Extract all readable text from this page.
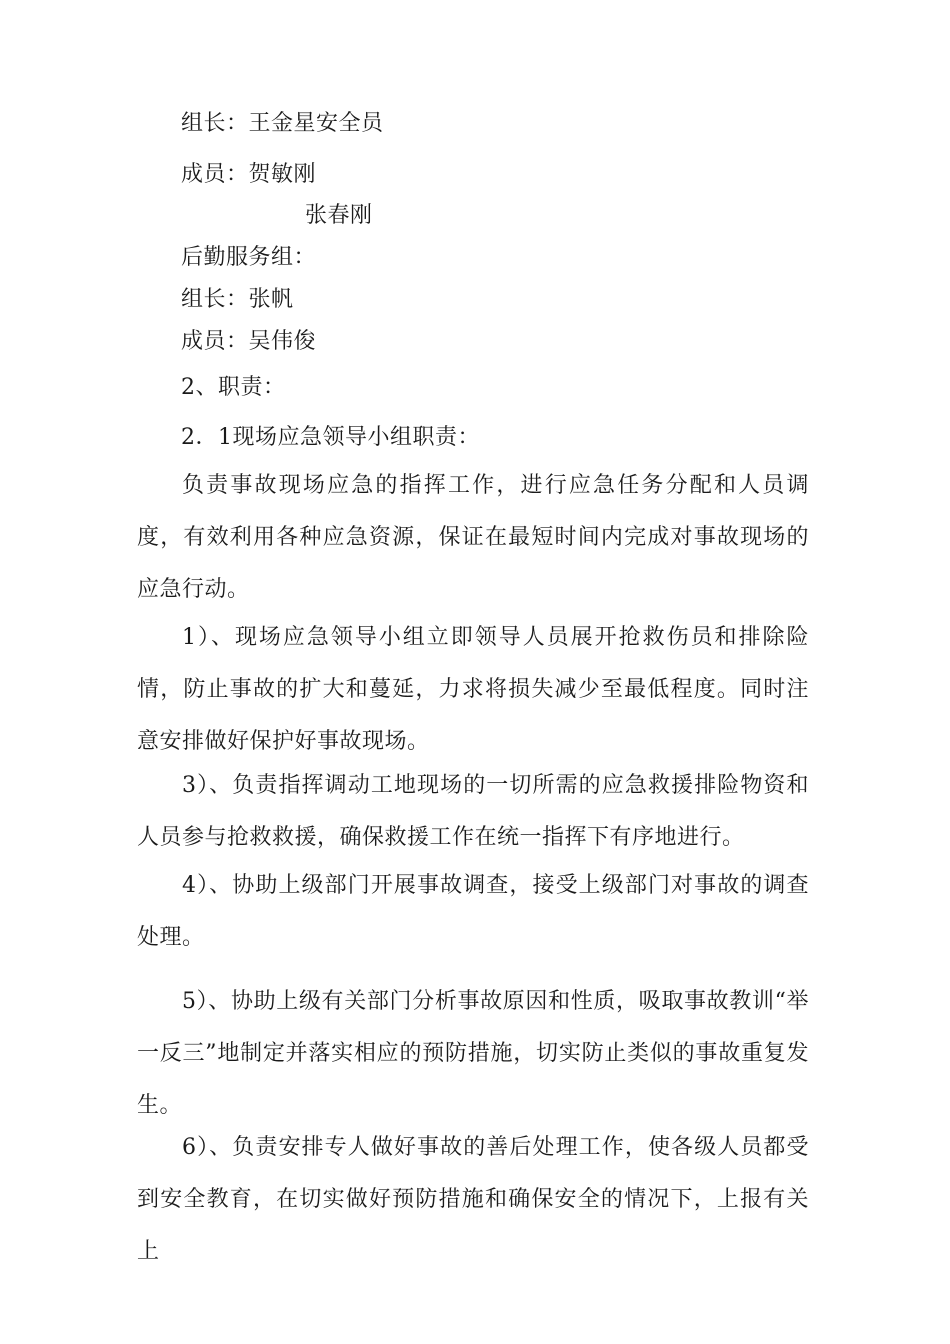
组长：王金星安全员
成员：贺敏刚
张春刚
后勤服务组：
组长：张帆
成员：吴伟俊
2、职责：
2．1现场应急领导小组职责：
负责事故现场应急的指挥工作，进行应急任务分配和人员调度，有效利用各种应急资源，保证在最短时间内完成对事故现场的应急行动。
1）、现场应急领导小组立即领导人员展开抢救伤员和排除险情，防止事故的扩大和蔓延，力求将损失减少至最低程度。同时注意安排做好保护好事故现场。
3）、负责指挥调动工地现场的一切所需的应急救援排险物资和人员参与抢救救援，确保救援工作在统一指挥下有序地进行。
4）、协助上级部门开展事故调查，接受上级部门对事故的调查处理。
5）、协助上级有关部门分析事故原因和性质，吸取事故教训“举一反三”地制定并落实相应的预防措施，切实防止类似的事故重复发生。
6）、负责安排专人做好事故的善后处理工作，使各级人员都受到安全教育，在切实做好预防措施和确保安全的情况下，上报有关上
